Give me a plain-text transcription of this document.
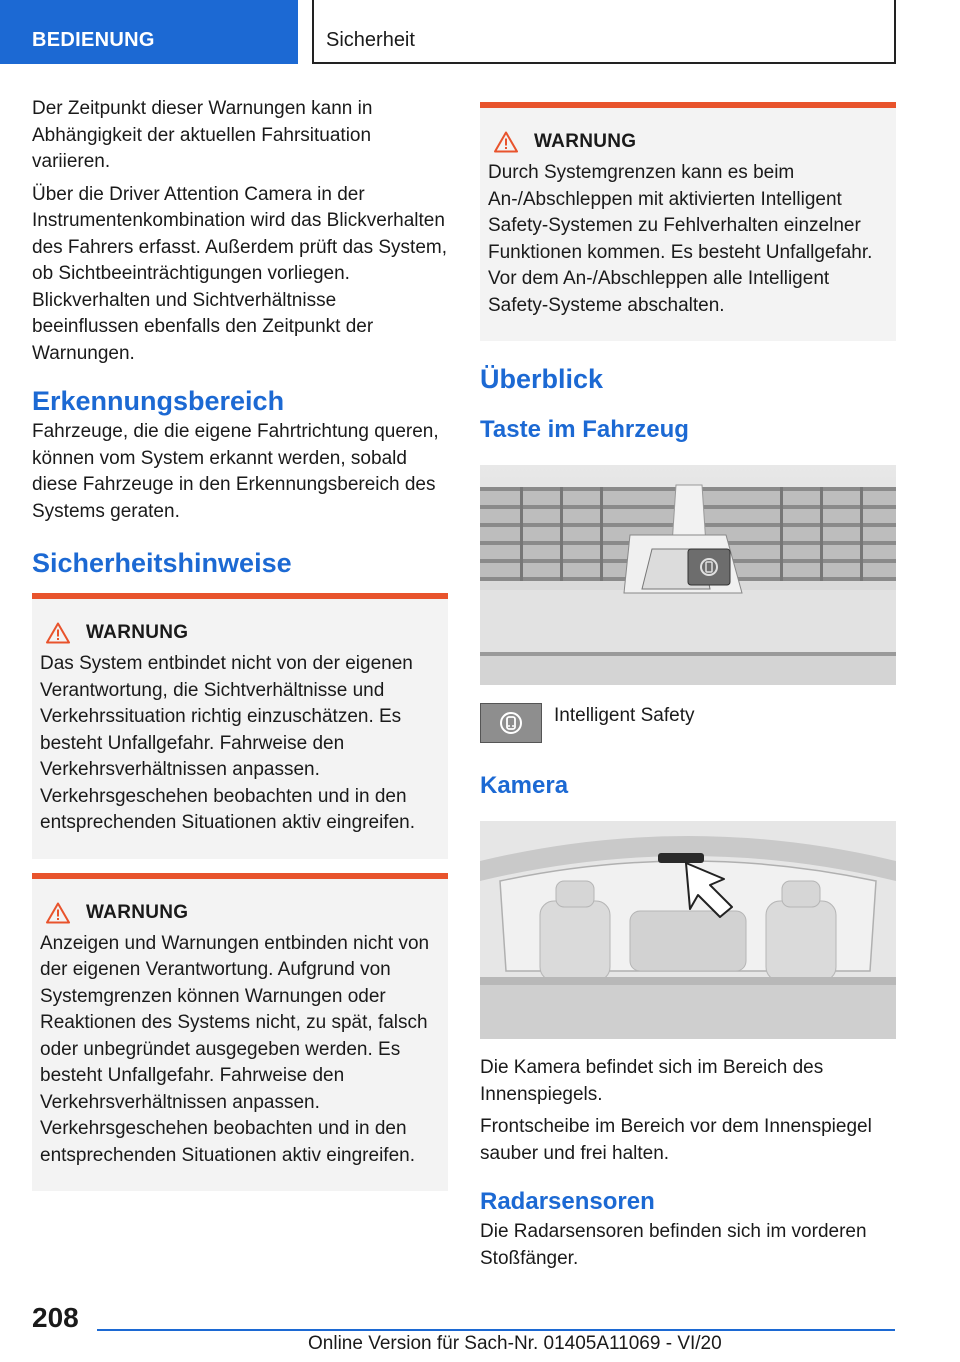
BEDIENUNG	Sicherheit

Der Zeitpunkt dieser Warnungen kann in Abhängigkeit der aktuellen Fahrsituation variieren.

Über die Driver Attention Camera in der Instrumentenkombination wird das Blickverhalten des Fahrers erfasst. Außerdem prüft das System, ob Sichtbeeinträchtigungen vorliegen. Blickverhalten und Sichtverhältnisse beeinflussen ebenfalls den Zeitpunkt der Warnungen.

Erkennungsbereich

Fahrzeuge, die die eigene Fahrtrichtung queren, können vom System erkannt werden, sobald diese Fahrzeuge in den Erkennungsbereich des Systems geraten.

Sicherheitshinweise
WARNUNG
Das System entbindet nicht von der eigenen Verantwortung, die Sichtverhältnisse und Verkehrssituation richtig einzuschätzen. Es besteht Unfallgefahr. Fahrweise den Verkehrsverhältnissen anpassen. Verkehrsgeschehen beobachten und in den entsprechenden Situationen aktiv eingreifen.
WARNUNG
Anzeigen und Warnungen entbinden nicht von der eigenen Verantwortung. Aufgrund von Systemgrenzen können Warnungen oder Reaktionen des Systems nicht, zu spät, falsch oder unbegründet ausgegeben werden. Es besteht Unfallgefahr. Fahrweise den Verkehrsverhältnissen anpassen. Verkehrsgeschehen beobachten und in den entsprechenden Situationen aktiv eingreifen.
WARNUNG
Durch Systemgrenzen kann es beim An-/Abschleppen mit aktivierten Intelligent Safety-Systemen zu Fehlverhalten einzelner Funktionen kommen. Es besteht Unfallgefahr. Vor dem An-/Abschleppen alle Intelligent Safety-Systeme abschalten.
Überblick
Taste im Fahrzeug
Intelligent Safety
Kamera

Die Kamera befindet sich im Bereich des Innenspiegels.

Frontscheibe im Bereich vor dem Innenspiegel sauber und frei halten.

Radarsensoren

Die Radarsensoren befinden sich im vorderen Stoßfänger.

208
Online Version für Sach-Nr. 01405A11069 - VI/20
